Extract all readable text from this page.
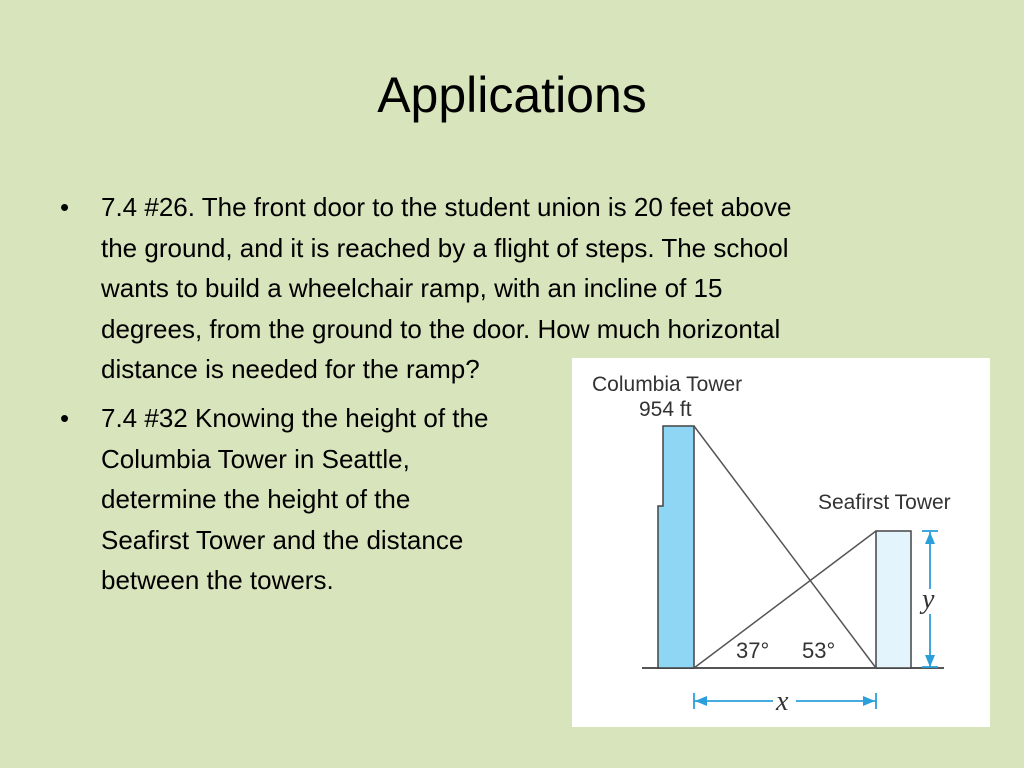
Applications
• 7.4 #26. The front door to the student union is 20 feet above
the ground, and it is reached by a flight of steps. The school
wants to build a wheelchair ramp, with an incline of 15
degrees, from the ground to the door. How much horizontal
distance is needed for the ramp?
• 7.4 #32 Knowing the height of the
Columbia Tower in Seattle,
determine the height of the
Seafirst Tower and the distance
between the towers.
Columbia Tower
954 ft
Seafirst Tower
37° 53°
y
x
